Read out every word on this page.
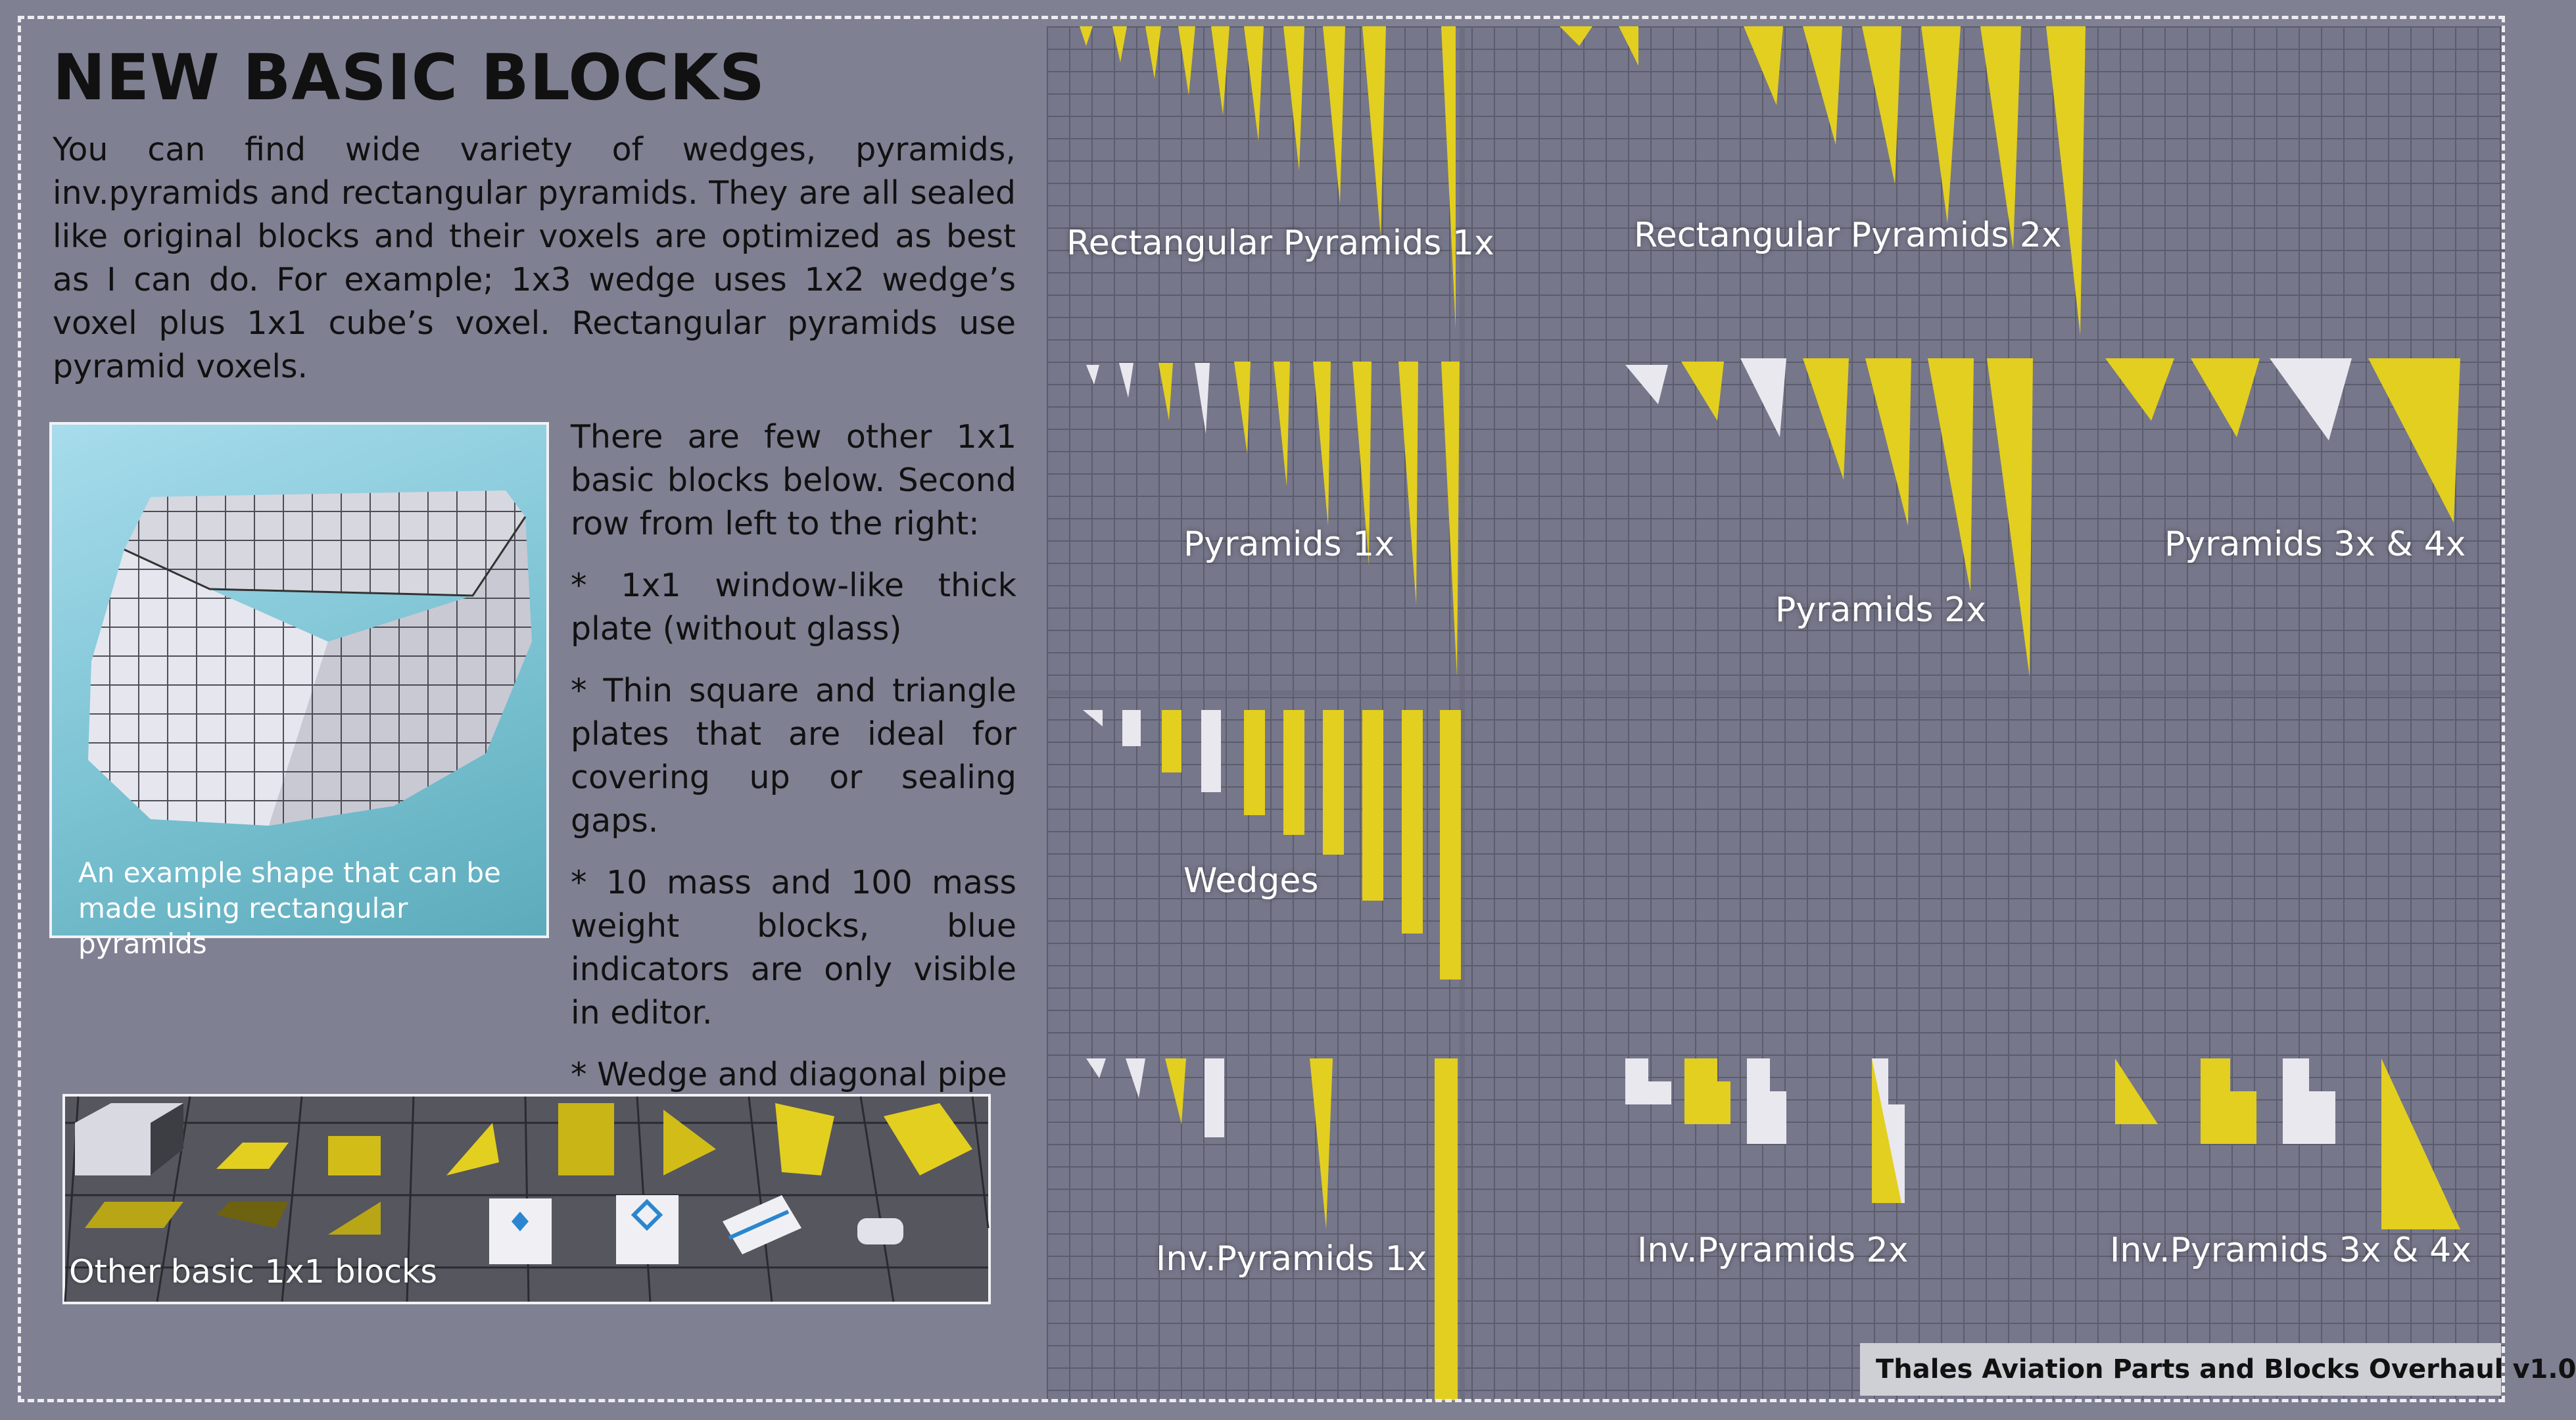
NEW BASIC BLOCKS
You can find wide variety of wedges, pyramids, inv.pyramids and rectangular pyramids. They are all sealed like original blocks and their voxels are optimized as best as I can do. For example; 1x3 wedge uses 1x2 wedge’s voxel plus 1x1 cube’s voxel. Rectangular pyramids use pyramid voxels.
An example shape that can be made using rectangular pyramids

There are few other 1x1 basic blocks below. Second row from left to the right:

* 1x1 window-like thick plate (without glass)

* Thin square and triangle plates that are ideal for covering up or sealing gaps.

* 10 mass and 100 mass weight blocks, blue indicators are only visible in editor.

* Wedge and diagonal pipe

Other basic 1x1 blocks
Rectangular Pyramids 1x	Rectangular Pyramids 2x
Pyramids 1x
Pyramids 2x
Pyramids 3x & 4x
Wedges
Inv.Pyramids 1x	Inv.Pyramids 2x	Inv.Pyramids 3x & 4x
Thales Aviation Parts and Blocks Overhaul v1.0
